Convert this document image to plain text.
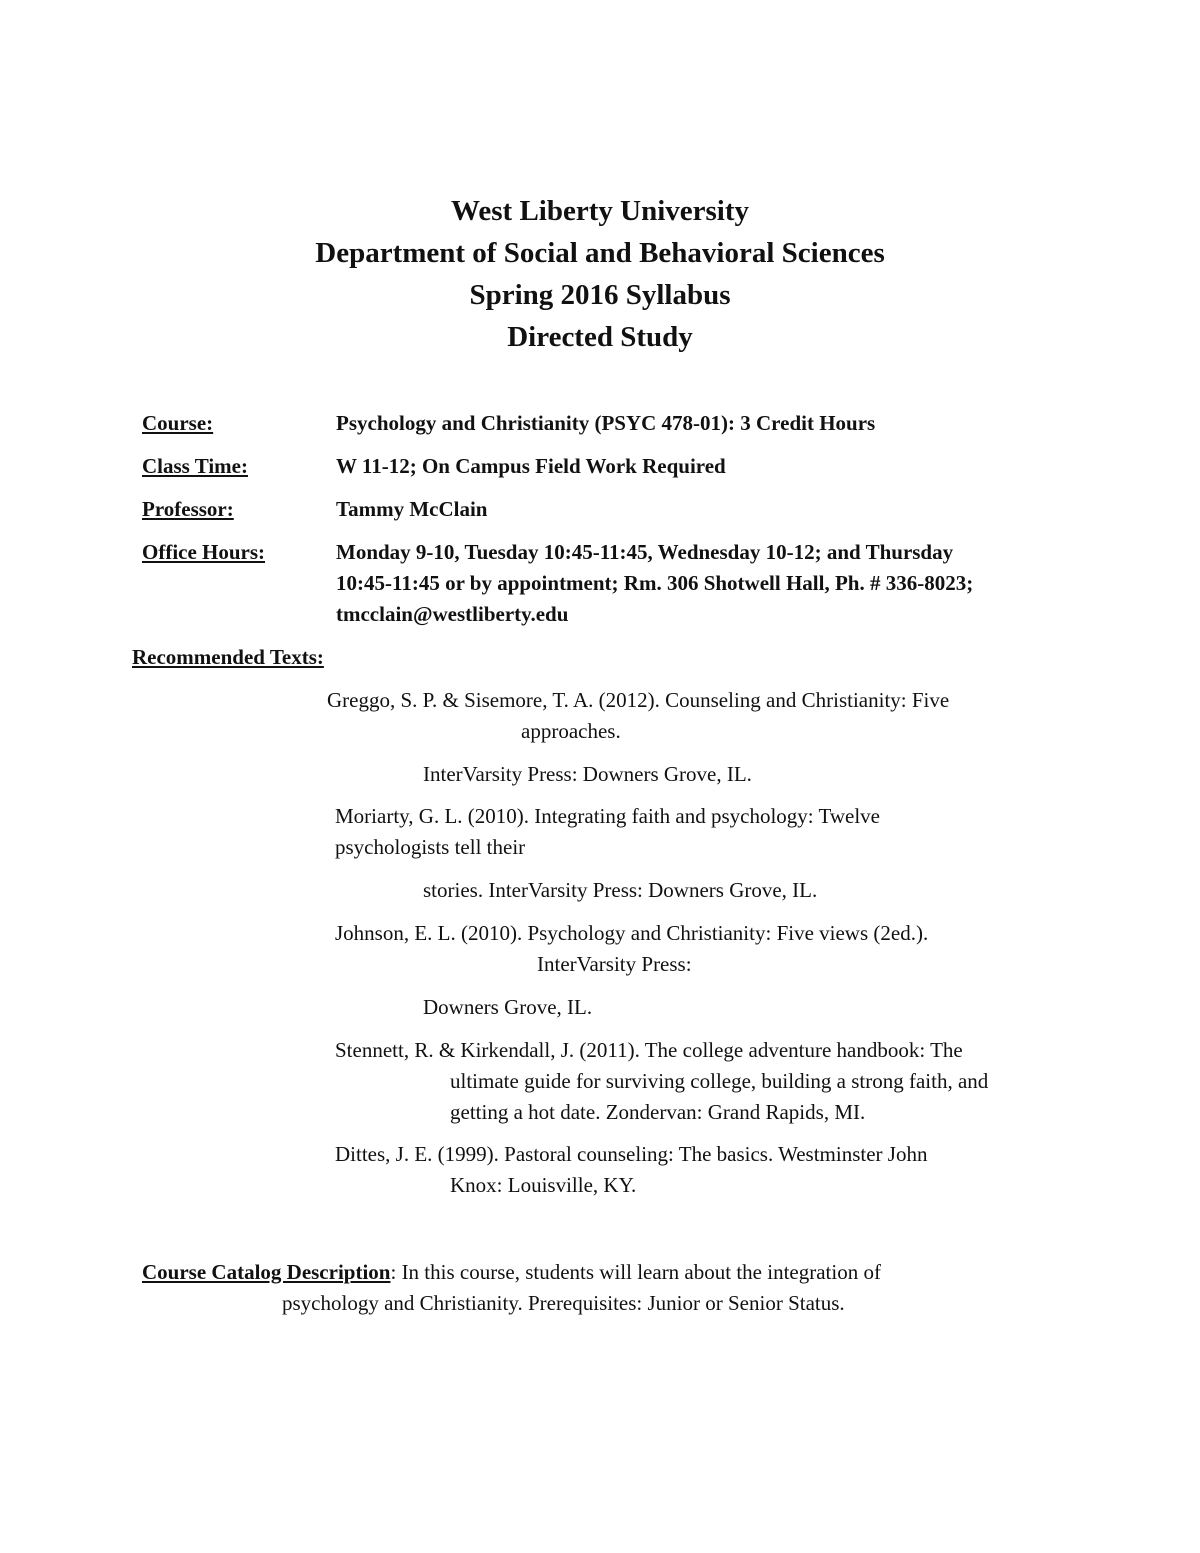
West Liberty University
Department of Social and Behavioral Sciences
Spring 2016 Syllabus
Directed Study
Course:	Psychology and Christianity (PSYC 478-01): 3 Credit Hours
Class Time:	W 11-12; On Campus Field Work Required
Professor:	Tammy McClain
Office Hours:	Monday 9-10, Tuesday 10:45-11:45, Wednesday 10-12; and Thursday
10:45-11:45 or by appointment; Rm. 306 Shotwell Hall, Ph. # 336-8023;
tmcclain@westliberty.edu
Recommended Texts:
Greggo, S. P. & Sisemore, T. A. (2012). Counseling and Christianity: Five
approaches.
InterVarsity Press: Downers Grove, IL.
Moriarty, G. L. (2010). Integrating faith and psychology: Twelve
psychologists tell their
stories. InterVarsity Press: Downers Grove, IL.
Johnson, E. L. (2010). Psychology and Christianity: Five views (2ed.).
InterVarsity Press:
Downers Grove, IL.
Stennett, R. & Kirkendall, J. (2011). The college adventure handbook: The
ultimate guide for surviving college, building a strong faith, and
getting a hot date. Zondervan: Grand Rapids, MI.
Dittes, J. E. (1999). Pastoral counseling: The basics. Westminster John
Knox: Louisville, KY.
Course Catalog Description: In this course, students will learn about the integration of
psychology and Christianity. Prerequisites: Junior or Senior Status.
